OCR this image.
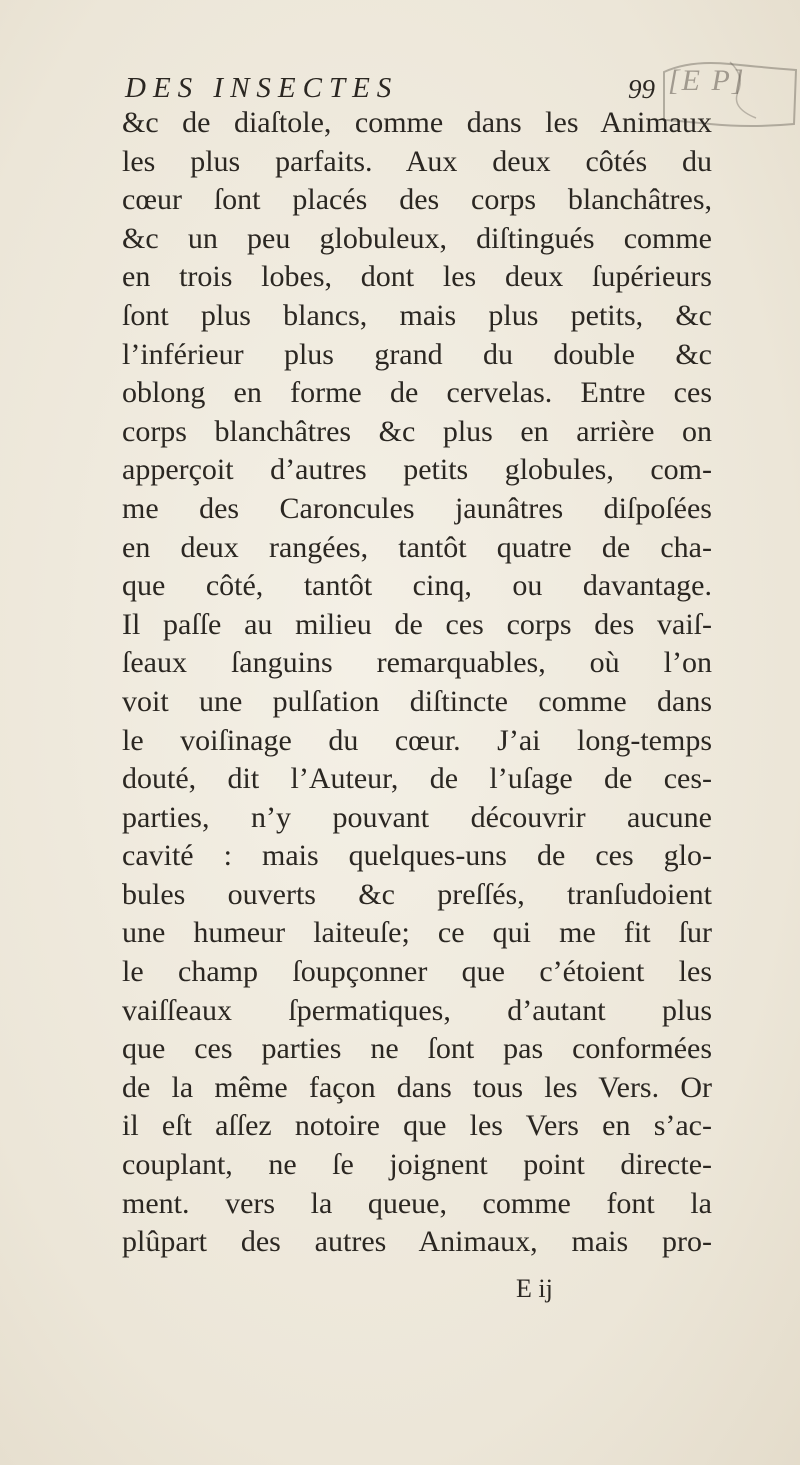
DES INSECTES	99 [E P]
&c de diaſtole, comme dans les Animaux
les plus parfaits. Aux deux côtés du
cœur ſont placés des corps blanchâtres,
&c un peu globuleux, diſtingués comme
en trois lobes, dont les deux ſupérieurs
ſont plus blancs, mais plus petits, &c
l’inférieur plus grand du double &c
oblong en forme de cervelas. Entre ces
corps blanchâtres &c plus en arrière on
apperçoit d’autres petits globules, com-
me des Caroncules jaunâtres diſpoſées
en deux rangées, tantôt quatre de cha-
que côté, tantôt cinq, ou davantage.
Il paſſe au milieu de ces corps des vaiſ-
ſeaux ſanguins remarquables, où l’on
voit une pulſation diſtincte comme dans
le voiſinage du cœur. J’ai long-temps
douté, dit l’Auteur, de l’uſage de ces-
parties, n’y pouvant découvrir aucune
cavité : mais quelques-uns de ces glo-
bules ouverts &c preſſés, tranſudoient
une humeur laiteuſe; ce qui me fit ſur
le champ ſoupçonner que c’étoient les
vaiſſeaux ſpermatiques, d’autant plus
que ces parties ne ſont pas conformées
de la même façon dans tous les Vers. Or
il eſt aſſez notoire que les Vers en s’ac-
couplant, ne ſe joignent point directe-
ment. vers la queue, comme font la
plûpart des autres Animaux, mais pro-
E ij
